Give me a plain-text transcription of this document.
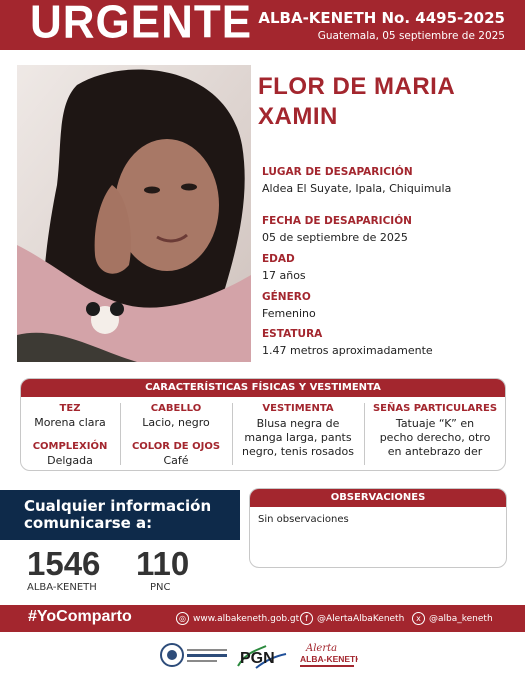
URGENTE ALBA-KENETH No. 4495-2025
Guatemala, 05 septiembre de 2025
FLOR DE MARIA
XAMIN
LUGAR DE DESAPARICIÓN
Aldea El Suyate, Ipala, Chiquimula
FECHA DE DESAPARICIÓN
05 de septiembre de 2025
EDAD
17 años
GÉNERO
Femenino
ESTATURA
1.47 metros aproximadamente
CARACTERÍSTICAS FÍSICAS Y VESTIMENTA
TEZ
Morena clara
COMPLEXIÓN
Delgada
CABELLO
Lacio, negro
COLOR DE OJOS
Café
VESTIMENTA
Blusa negra de
manga larga, pants
negro, tenis rosados
SEÑAS PARTICULARES
Tatuaje “K” en
pecho derecho, otro
en antebrazo der
Cualquier información
comunicarse a:
1546
ALBA-KENETH
110
PNC
OBSERVACIONES
Sin observaciones
#YoComparto	◎ www.albakeneth.gob.gt f	@AlertaAlbaKeneth	x @alba_keneth
PGN
Alerta
ALBA-KENETH
